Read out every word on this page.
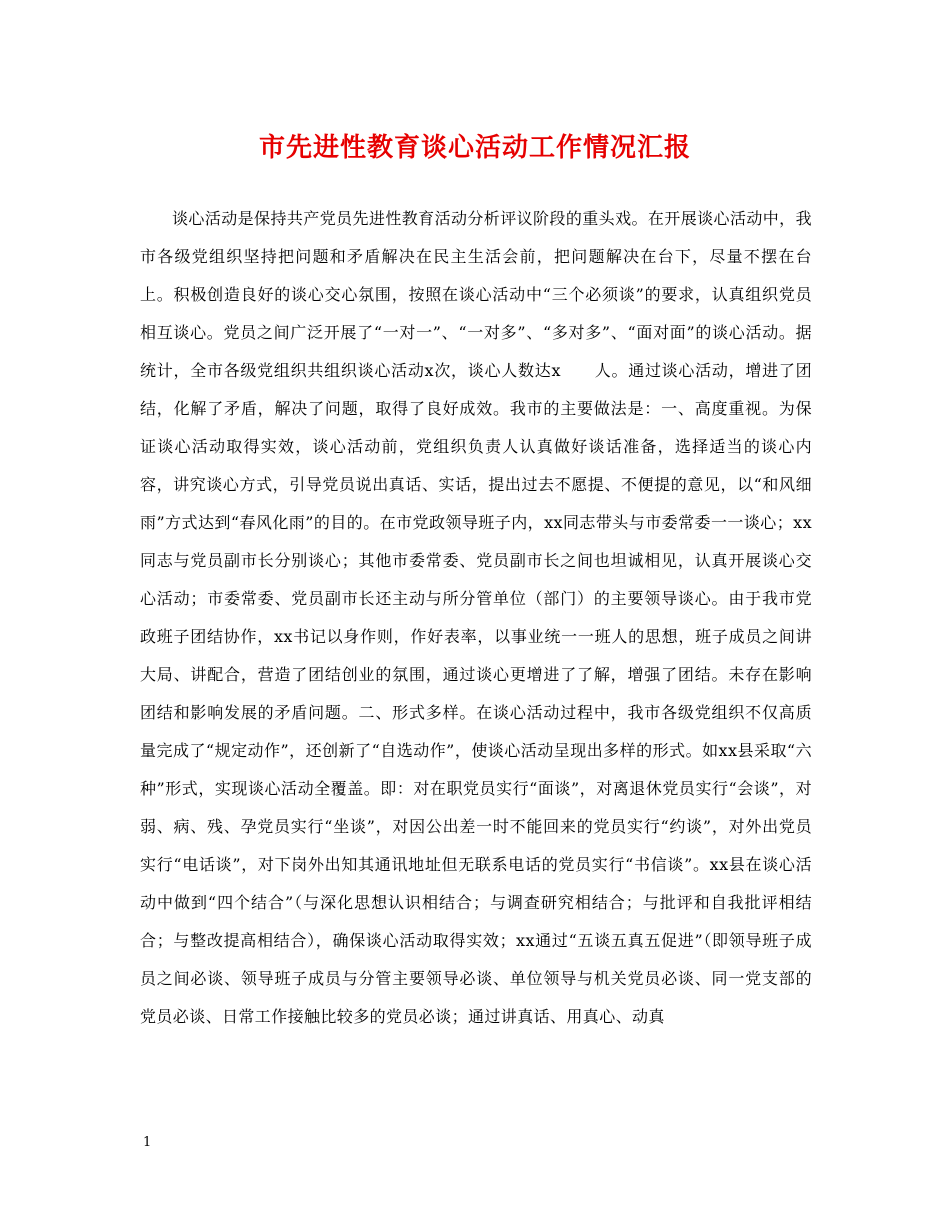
市先进性教育谈心活动工作情况汇报

谈心活动是保持共产党员先进性教育活动分析评议阶段的重头戏。在开展谈心活动中，我市各级党组织坚持把问题和矛盾解决在民主生活会前，把问题解决在台下，尽量不摆在台上。积极创造良好的谈心交心氛围，按照在谈心活动中“三个必须谈”的要求，认真组织党员相互谈心。党员之间广泛开展了“一对一”、“一对多”、“多对多”、“面对面”的谈心活动。据统计，全市各级党组织共组织谈心活动x次，谈心人数达x　　人。通过谈心活动，增进了团结，化解了矛盾，解决了问题，取得了良好成效。我市的主要做法是：一、高度重视。为保证谈心活动取得实效，谈心活动前，党组织负责人认真做好谈话准备，选择适当的谈心内容，讲究谈心方式，引导党员说出真话、实话，提出过去不愿提、不便提的意见，以“和风细雨”方式达到“春风化雨”的目的。在市党政领导班子内，xx同志带头与市委常委一一谈心；xx同志与党员副市长分别谈心；其他市委常委、党员副市长之间也坦诚相见，认真开展谈心交心活动；市委常委、党员副市长还主动与所分管单位（部门）的主要领导谈心。由于我市党政班子团结协作，xx书记以身作则，作好表率，以事业统一一班人的思想，班子成员之间讲大局、讲配合，营造了团结创业的氛围，通过谈心更增进了了解，增强了团结。未存在影响团结和影响发展的矛盾问题。二、形式多样。在谈心活动过程中，我市各级党组织不仅高质量完成了“规定动作”，还创新了“自选动作”，使谈心活动呈现出多样的形式。如xx县采取“六种”形式，实现谈心活动全覆盖。即：对在职党员实行“面谈”，对离退休党员实行“会谈”，对弱、病、残、孕党员实行“坐谈”，对因公出差一时不能回来的党员实行“约谈”，对外出党员实行“电话谈”，对下岗外出知其通讯地址但无联系电话的党员实行“书信谈”。xx县在谈心活动中做到“四个结合”（与深化思想认识相结合；与调查研究相结合；与批评和自我批评相结合；与整改提高相结合），确保谈心活动取得实效；xx通过“五谈五真五促进”（即领导班子成员之间必谈、领导班子成员与分管主要领导必谈、单位领导与机关党员必谈、同一党支部的党员必谈、日常工作接触比较多的党员必谈；通过讲真话、用真心、动真

1
